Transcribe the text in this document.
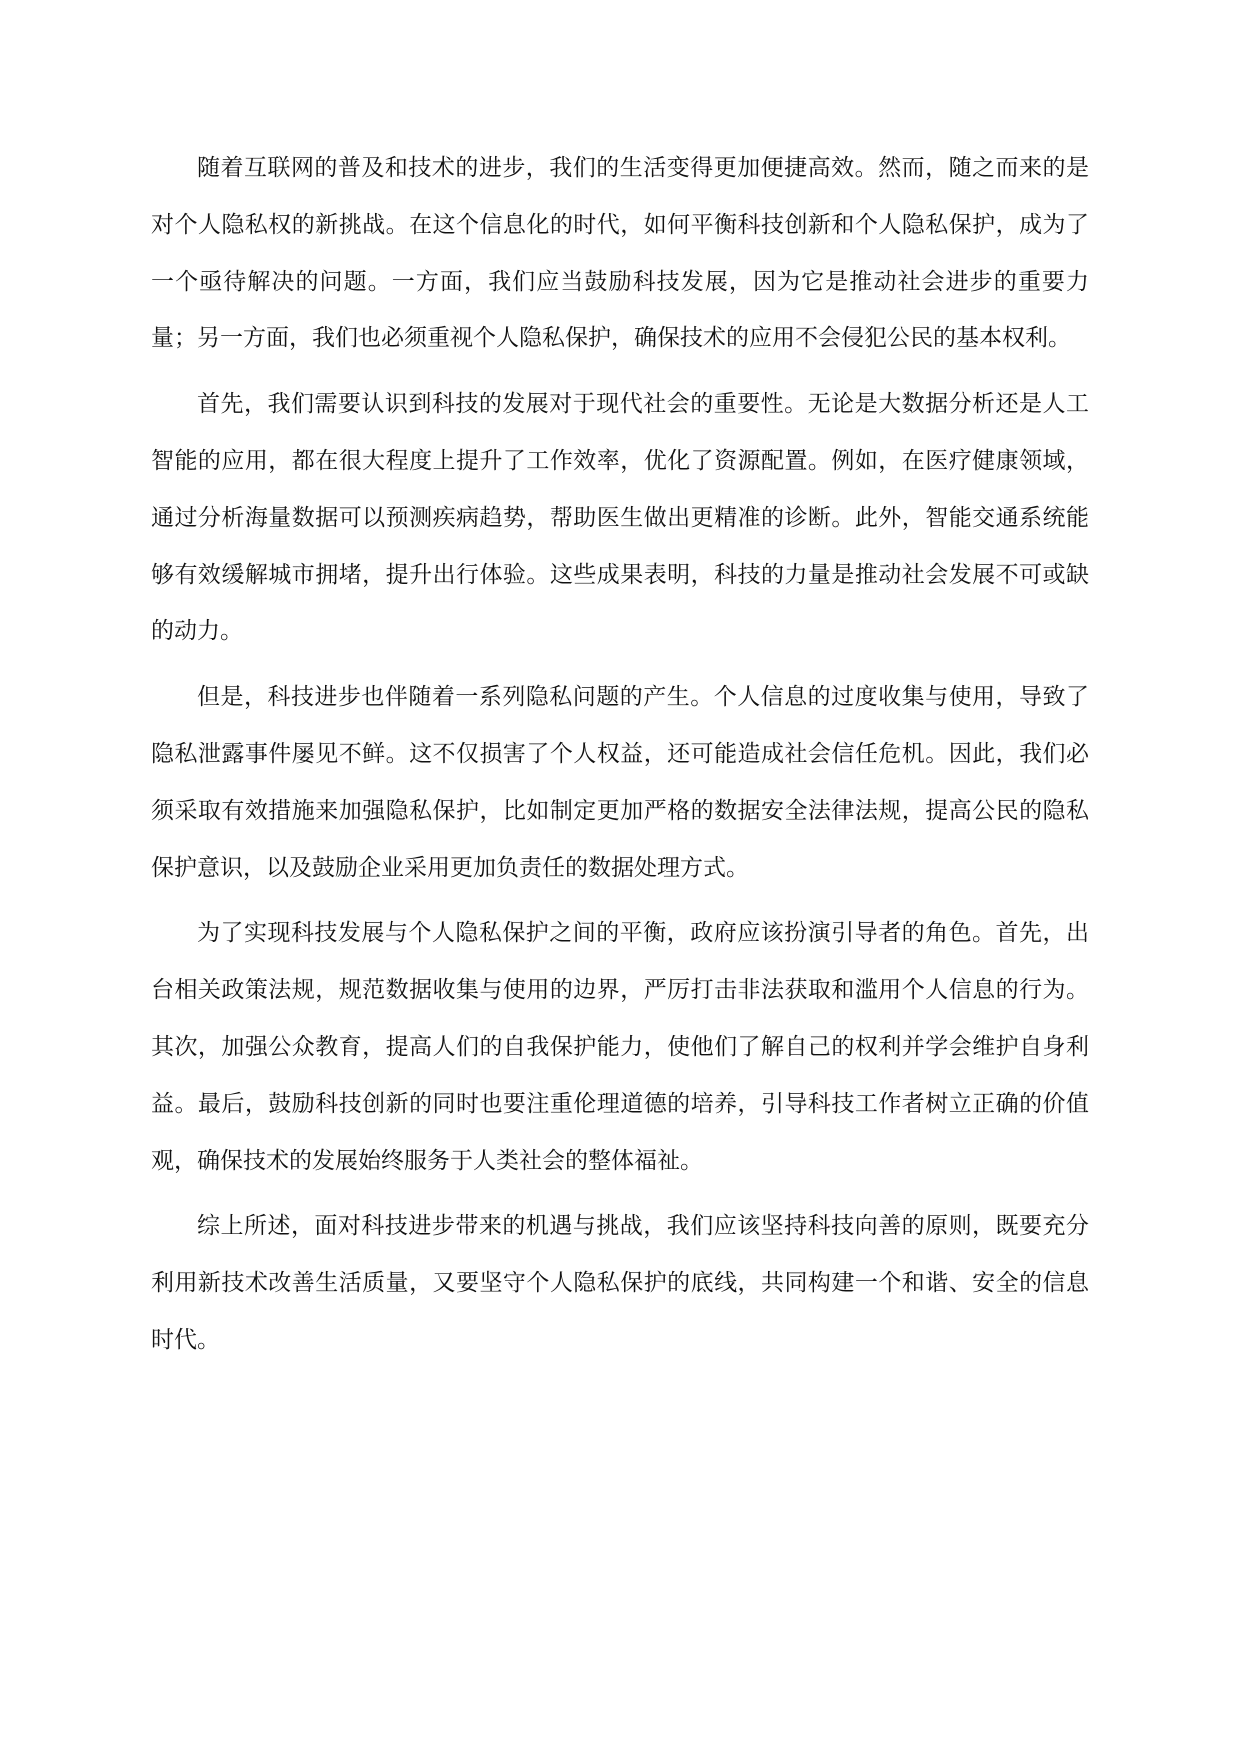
随着互联网的普及和技术的进步，我们的生活变得更加便捷高效。然而，随之而来的是对个人隐私权的新挑战。在这个信息化的时代，如何平衡科技创新和个人隐私保护，成为了一个亟待解决的问题。一方面，我们应当鼓励科技发展，因为它是推动社会进步的重要力量；另一方面，我们也必须重视个人隐私保护，确保技术的应用不会侵犯公民的基本权利。

首先，我们需要认识到科技的发展对于现代社会的重要性。无论是大数据分析还是人工智能的应用，都在很大程度上提升了工作效率，优化了资源配置。例如，在医疗健康领域，通过分析海量数据可以预测疾病趋势，帮助医生做出更精准的诊断。此外，智能交通系统能够有效缓解城市拥堵，提升出行体验。这些成果表明，科技的力量是推动社会发展不可或缺的动力。

但是，科技进步也伴随着一系列隐私问题的产生。个人信息的过度收集与使用，导致了隐私泄露事件屡见不鲜。这不仅损害了个人权益，还可能造成社会信任危机。因此，我们必须采取有效措施来加强隐私保护，比如制定更加严格的数据安全法律法规，提高公民的隐私保护意识，以及鼓励企业采用更加负责任的数据处理方式。

为了实现科技发展与个人隐私保护之间的平衡，政府应该扮演引导者的角色。首先，出台相关政策法规，规范数据收集与使用的边界，严厉打击非法获取和滥用个人信息的行为。其次，加强公众教育，提高人们的自我保护能力，使他们了解自己的权利并学会维护自身利益。最后，鼓励科技创新的同时也要注重伦理道德的培养，引导科技工作者树立正确的价值观，确保技术的发展始终服务于人类社会的整体福祉。

综上所述，面对科技进步带来的机遇与挑战，我们应该坚持科技向善的原则，既要充分利用新技术改善生活质量，又要坚守个人隐私保护的底线，共同构建一个和谐、安全的信息时代。
